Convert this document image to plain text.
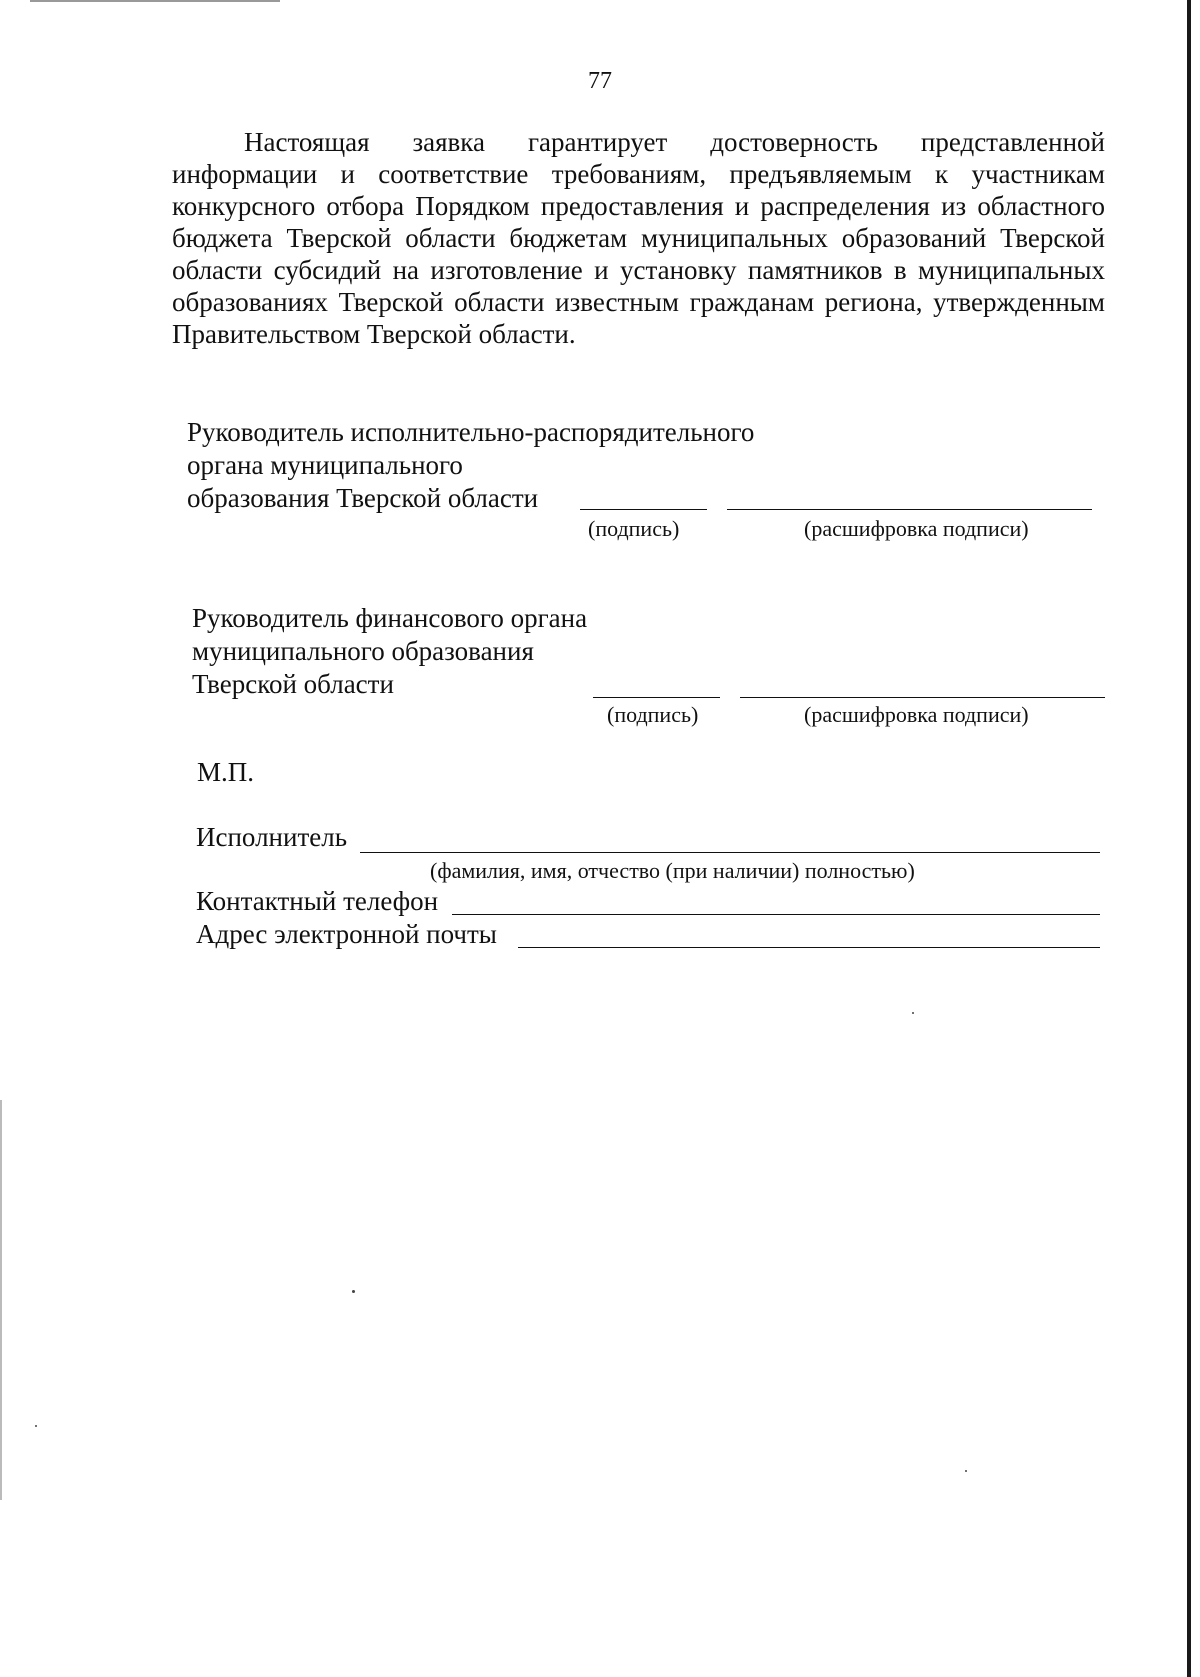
77

Настоящая заявка гарантирует достоверность представленной информации и соответствие требованиям, предъявляемым к участникам конкурсного отбора Порядком предоставления и распределения из областного бюджета Тверской области бюджетам муниципальных образований Тверской области субсидий на изготовление и установку памятников в муниципальных образованиях Тверской области известным гражданам региона, утвержденным Правительством Тверской области.

Руководитель исполнительно-распорядительного
органа муниципального
образования Тверской области
(подпись)	(расшифровка подписи)
Руководитель финансового органа
муниципального образования
Тверской области
(подпись)	(расшифровка подписи)
М.П.
Исполнитель
(фамилия, имя, отчество (при наличии) полностью)
Контактный телефон
Адрес электронной почты
